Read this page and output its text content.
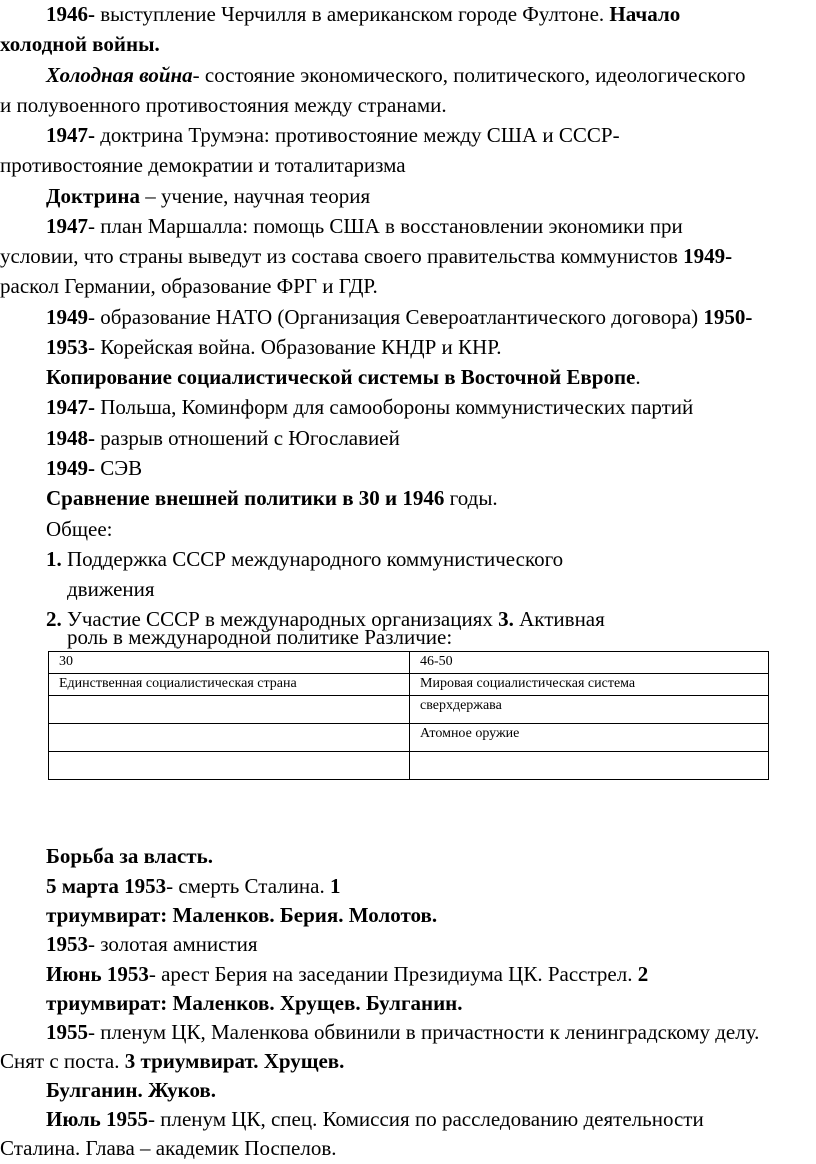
1946- выступление Черчилля в американском городе Фултоне. Начало
холодной войны.
Холодная война- состояние экономического, политического, идеологического
и полувоенного противостояния между странами.
1947- доктрина Трумэна: противостояние между США и СССР-
противостояние демократии и тоталитаризма
Доктрина – учение, научная теория
1947- план Маршалла: помощь США в восстановлении экономики при
условии, что страны выведут из состава своего правительства коммунистов 1949-
раскол Германии, образование ФРГ и ГДР.
1949- образование НАТО (Организация Североатлантического договора) 1950-
1953- Корейская война. Образование КНДР и КНР.
Копирование социалистической системы в Восточной Европе.
1947- Польша, Коминформ для самообороны коммунистических партий
1948- разрыв отношений с Югославией
1949- СЭВ
Сравнение внешней политики в 30 и 1946 годы.
Общее:
1. Поддержка СССР международного коммунистического
движения
2. Участие СССР в международных организациях 3. Активная
роль в международной политике Различие:
30	46-50
Единственная социалистическая страна	Мировая социалистическая система
	сверхдержава
	Атомное оружие

Борьба за власть.
5 марта 1953- смерть Сталина. 1
триумвират: Маленков. Берия. Молотов.
1953- золотая амнистия
Июнь 1953- арест Берия на заседании Президиума ЦК. Расстрел. 2
триумвират: Маленков. Хрущев. Булганин.
1955- пленум ЦК, Маленкова обвинили в причастности к ленинградскому делу.
Снят с поста. 3 триумвират. Хрущев.
Булганин. Жуков.
Июль 1955- пленум ЦК, спец. Комиссия по расследованию деятельности
Сталина. Глава – академик Поспелов.
